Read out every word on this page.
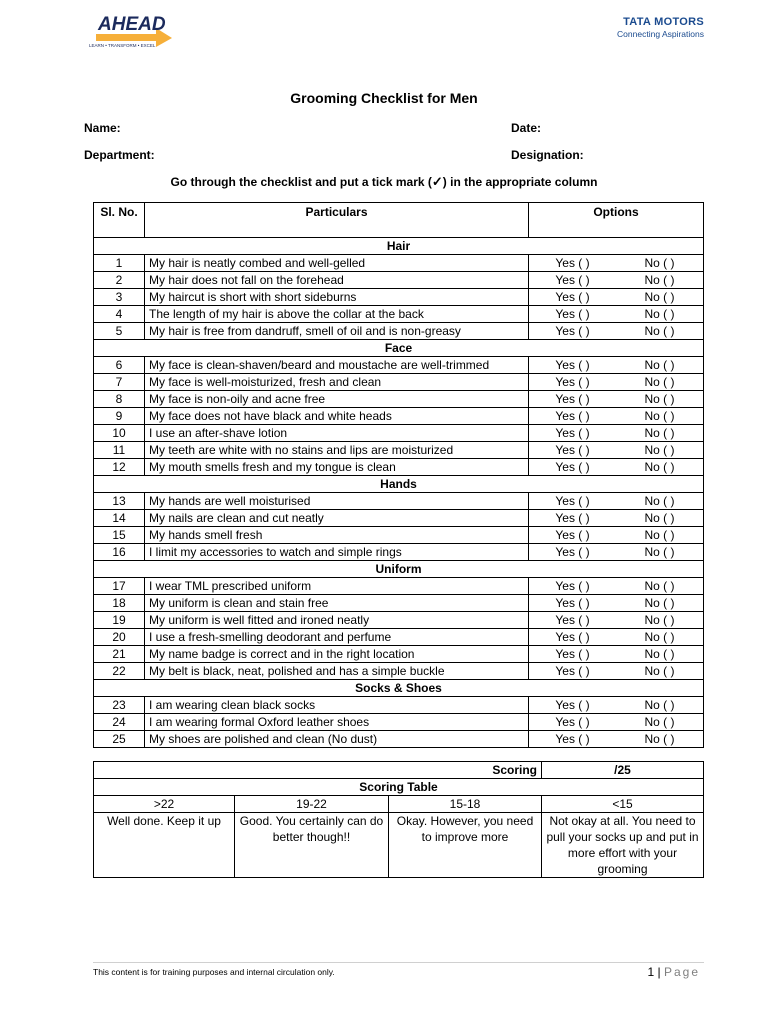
AHEAD
LEARN • TRANSFORM • EXCEL
TATA MOTORS
Connecting Aspirations
Grooming Checklist for Men
Name:	Date:
Department:	Designation:
Go through the checklist and put a tick mark (✓) in the appropriate column
Sl. No.	Particulars	Options	
Hair			
1	My hair is neatly combed and well-gelled	Yes ( )	No ( )
2	My hair does not fall on the forehead	Yes ( )	No ( )
3	My haircut is short with short sideburns	Yes ( )	No ( )
4	The length of my hair is above the collar at the back	Yes ( )	No ( )
5	My hair is free from dandruff, smell of oil and is non-greasy	Yes ( )	No ( )
Face			
6	My face is clean-shaven/beard and moustache are well-trimmed	Yes ( )	No ( )
7	My face is well-moisturized, fresh and clean	Yes ( )	No ( )
8	My face is non-oily and acne free	Yes ( )	No ( )
9	My face does not have black and white heads	Yes ( )	No ( )
10	I use an after-shave lotion	Yes ( )	No ( )
11	My teeth are white with no stains and lips are moisturized	Yes ( )	No ( )
12	My mouth smells fresh and my tongue is clean	Yes ( )	No ( )
Hands			
13	My hands are well moisturised	Yes ( )	No ( )
14	My nails are clean and cut neatly	Yes ( )	No ( )
15	My hands smell fresh	Yes ( )	No ( )
16	I limit my accessories to watch and simple rings	Yes ( )	No ( )
Uniform			
17	I wear TML prescribed uniform	Yes ( )	No ( )
18	My uniform is clean and stain free	Yes ( )	No ( )
19	My uniform is well fitted and ironed neatly	Yes ( )	No ( )
20	I use a fresh-smelling deodorant and perfume	Yes ( )	No ( )
21	My name badge is correct and in the right location	Yes ( )	No ( )
22	My belt is black, neat, polished and has a simple buckle	Yes ( )	No ( )
Socks & Shoes			
23	I am wearing clean black socks	Yes ( )	No ( )
24	I am wearing formal Oxford leather shoes	Yes ( )	No ( )
25	My shoes are polished and clean (No dust)	Yes ( )	No ( )
Scoring			/25
Scoring Table			
>22	19-22	15-18	<15
Well done. Keep it up	Good. You certainly can do better though!!	Okay. However, you need to improve more	Not okay at all. You need to pull your socks up and put in more effort with your grooming
This content is for training purposes and internal circulation only.	1 | Page
